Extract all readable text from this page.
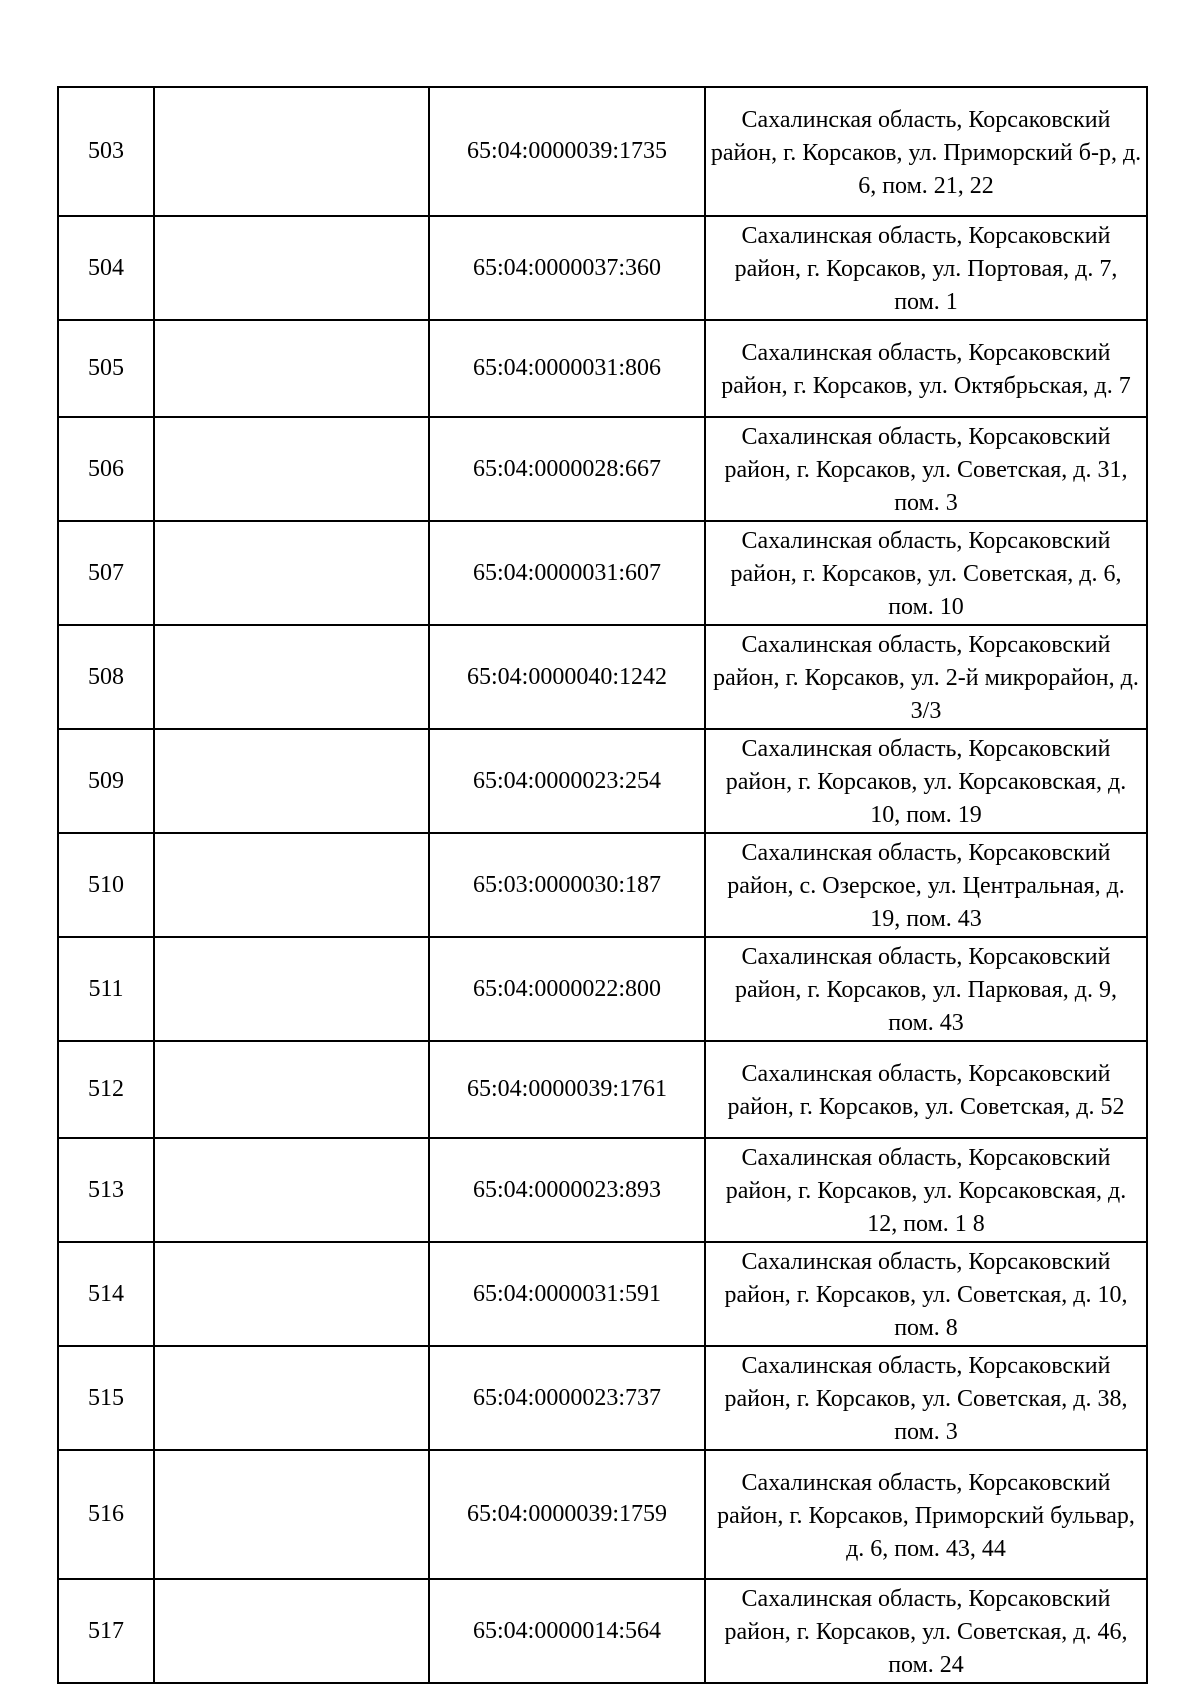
503		65:04:0000039:1735	Сахалинская область, Корсаковский район, г. Корсаков, ул. Приморский б-р, д. 6, пом. 21, 22

504		65:04:0000037:360	Сахалинская область, Корсаковский район, г. Корсаков, ул. Портовая, д. 7, пом. 1

505		65:04:0000031:806	Сахалинская область, Корсаковский район, г. Корсаков, ул. Октябрьская, д. 7

506		65:04:0000028:667	Сахалинская область, Корсаковский район, г. Корсаков, ул. Советская, д. 31, пом. 3

507		65:04:0000031:607	Сахалинская область, Корсаковский район, г. Корсаков, ул. Советская, д. 6, пом. 10

508		65:04:0000040:1242	Сахалинская область, Корсаковский район, г. Корсаков, ул. 2-й микрорайон, д. 3/3

509		65:04:0000023:254	Сахалинская область, Корсаковский район, г. Корсаков, ул. Корсаковская, д. 10, пом. 19

510		65:03:0000030:187	Сахалинская область, Корсаковский район, с. Озерское, ул. Центральная, д. 19, пом. 43

511		65:04:0000022:800	Сахалинская область, Корсаковский район, г. Корсаков, ул. Парковая, д. 9, пом. 43

512		65:04:0000039:1761	Сахалинская область, Корсаковский район, г. Корсаков, ул. Советская, д. 52

513		65:04:0000023:893	Сахалинская область, Корсаковский район, г. Корсаков, ул. Корсаковская, д. 12, пом. 1 8

514		65:04:0000031:591	Сахалинская область, Корсаковский район, г. Корсаков, ул. Советская, д. 10, пом. 8

515		65:04:0000023:737	Сахалинская область, Корсаковский район, г. Корсаков, ул. Советская, д. 38, пом. 3

516		65:04:0000039:1759	Сахалинская область, Корсаковский район, г. Корсаков, Приморский бульвар, д. 6, пом. 43, 44

517		65:04:0000014:564	Сахалинская область, Корсаковский район, г. Корсаков, ул. Советская, д. 46, пом. 24
